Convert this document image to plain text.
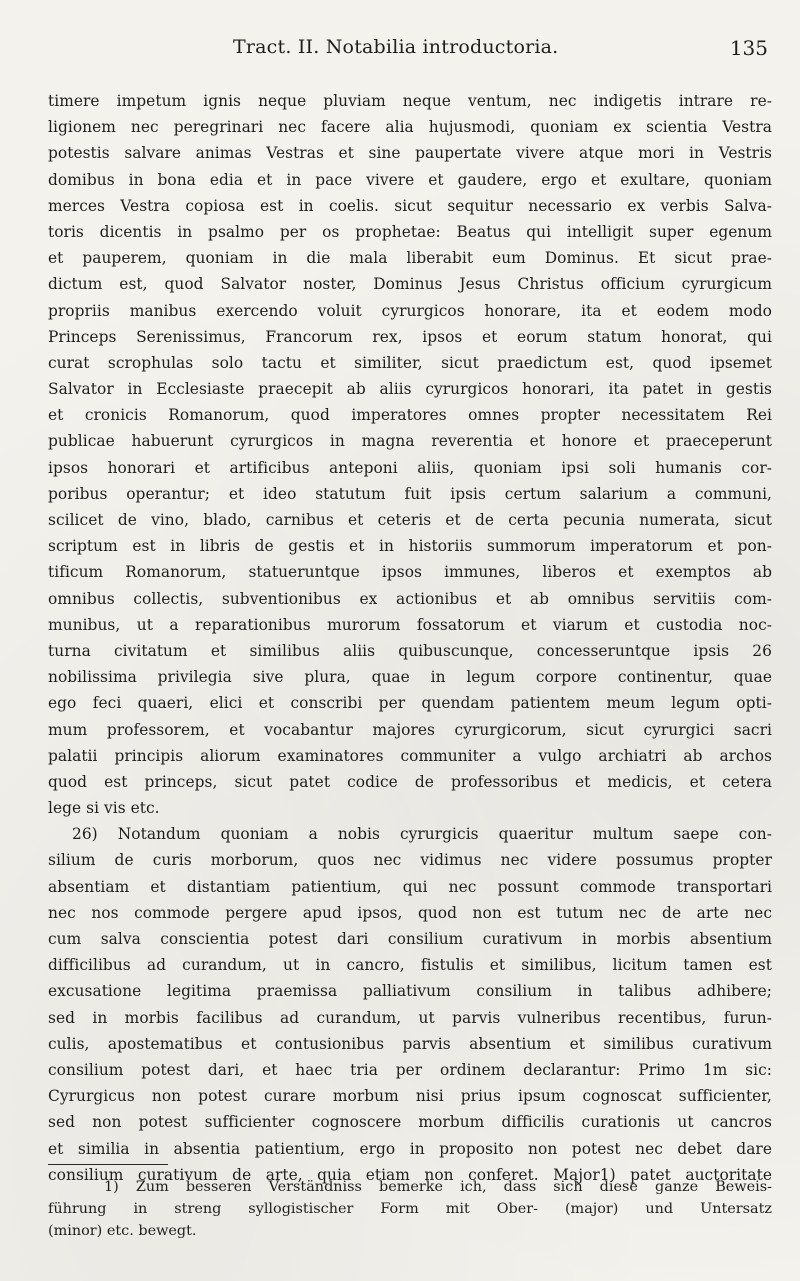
Tract. II. Notabilia introductoria.	135
timere impetum ignis neque pluviam neque ventum, nec indigetis intrare re-
ligionem nec peregrinari nec facere alia hujusmodi, quoniam ex scientia Vestra
potestis salvare animas Vestras et sine paupertate vivere atque mori in Vestris
domibus in bona edia et in pace vivere et gaudere, ergo et exultare, quoniam
merces Vestra copiosa est in coelis. sicut sequitur necessario ex verbis Salva-
toris dicentis in psalmo per os prophetae: Beatus qui intelligit super egenum
et pauperem, quoniam in die mala liberabit eum Dominus. Et sicut prae-
dictum est, quod Salvator noster, Dominus Jesus Christus officium cyrurgicum
propriis manibus exercendo voluit cyrurgicos honorare, ita et eodem modo
Princeps Serenissimus, Francorum rex, ipsos et eorum statum honorat, qui
curat scrophulas solo tactu et similiter, sicut praedictum est, quod ipsemet
Salvator in Ecclesiaste praecepit ab aliis cyrurgicos honorari, ita patet in gestis
et cronicis Romanorum, quod imperatores omnes propter necessitatem Rei
publicae habuerunt cyrurgicos in magna reverentia et honore et praeceperunt
ipsos honorari et artificibus anteponi aliis, quoniam ipsi soli humanis cor-
poribus operantur; et ideo statutum fuit ipsis certum salarium a communi,
scilicet de vino, blado, carnibus et ceteris et de certa pecunia numerata, sicut
scriptum est in libris de gestis et in historiis summorum imperatorum et pon-
tificum Romanorum, statueruntque ipsos immunes, liberos et exemptos ab
omnibus collectis, subventionibus ex actionibus et ab omnibus servitiis com-
munibus, ut a reparationibus murorum fossatorum et viarum et custodia noc-
turna civitatum et similibus aliis quibuscunque, concesseruntque ipsis 26
nobilissima privilegia sive plura, quae in legum corpore continentur, quae
ego feci quaeri, elici et conscribi per quendam patientem meum legum opti-
mum professorem, et vocabantur majores cyrurgicorum, sicut cyrurgici sacri
palatii principis aliorum examinatores communiter a vulgo archiatri ab archos
quod est princeps, sicut patet codice de professoribus et medicis, et cetera
lege si vis etc.
26) Notandum quoniam a nobis cyrurgicis quaeritur multum saepe con-
silium de curis morborum, quos nec vidimus nec videre possumus propter
absentiam et distantiam patientium, qui nec possunt commode transportari
nec nos commode pergere apud ipsos, quod non est tutum nec de arte nec
cum salva conscientia potest dari consilium curativum in morbis absentium
difficilibus ad curandum, ut in cancro, fistulis et similibus, licitum tamen est
excusatione legitima praemissa palliativum consilium in talibus adhibere;
sed in morbis facilibus ad curandum, ut parvis vulneribus recentibus, furun-
culis, apostematibus et contusionibus parvis absentium et similibus curativum
consilium potest dari, et haec tria per ordinem declarantur: Primo 1m sic:
Cyrurgicus non potest curare morbum nisi prius ipsum cognoscat sufficienter,
sed non potest sufficienter cognoscere morbum difficilis curationis ut cancros
et similia in absentia patientium, ergo in proposito non potest nec debet dare
consilium curativum de arte, quia etiam non conferet. Major1) patet auctoritate
1) Zum besseren Verständniss bemerke ich, dass sich diese ganze Beweis-
führung in streng syllogistischer Form mit Ober- (major) und Untersatz
(minor) etc. bewegt.
